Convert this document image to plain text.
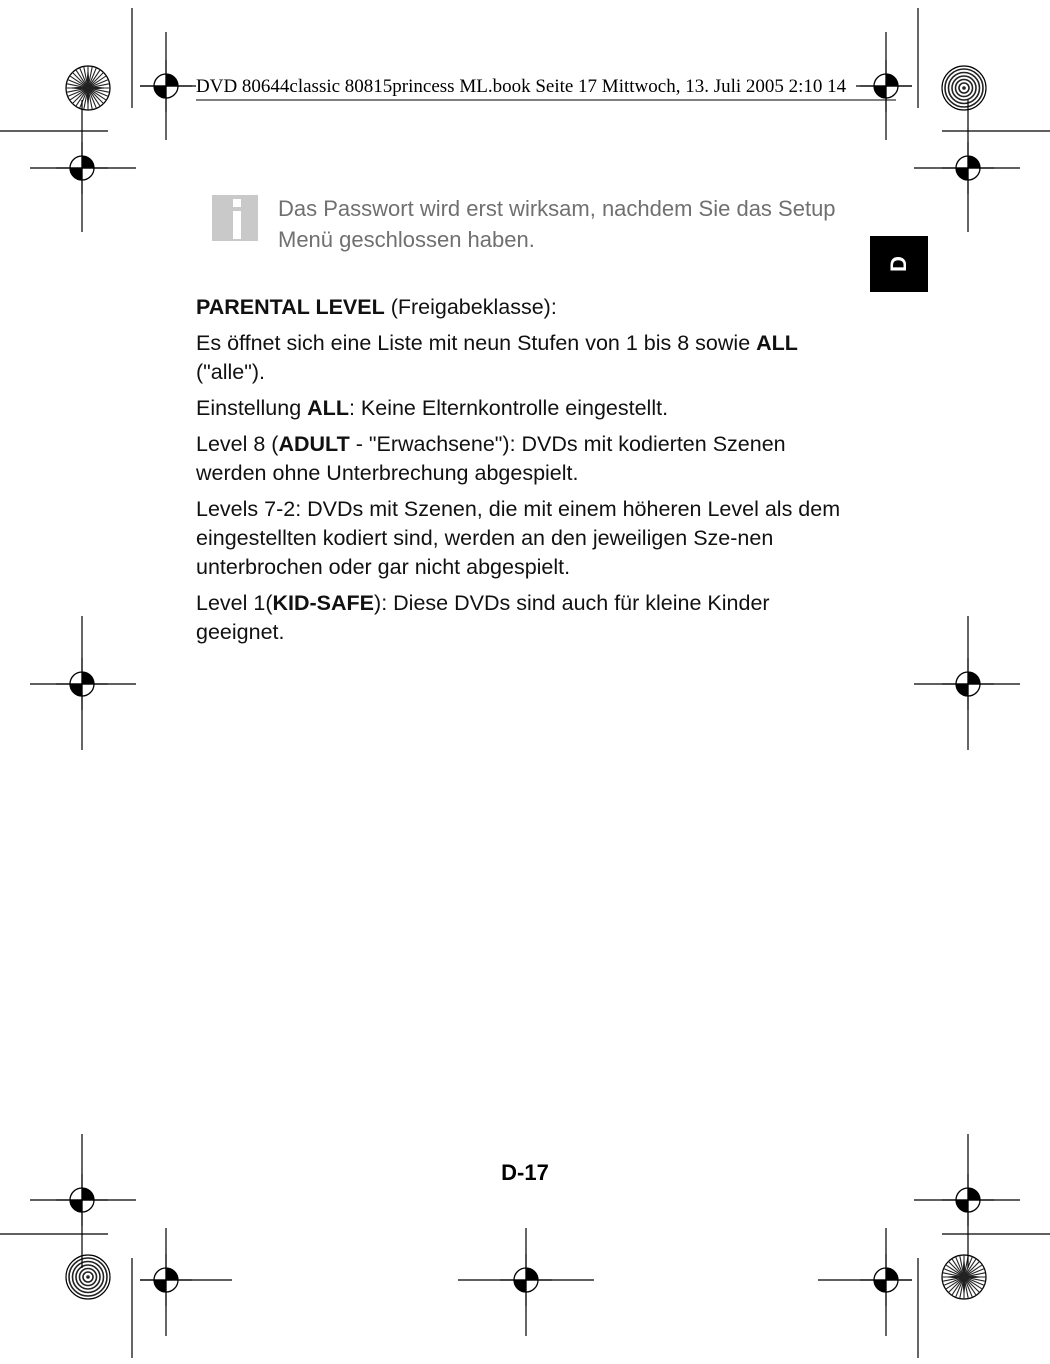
DVD 80644classic 80815princess ML.book Seite 17 Mittwoch, 13. Juli 2005 2:10 14
D
Das Passwort wird erst wirksam, nachdem Sie das Setup Menü geschlossen haben.

PARENTAL LEVEL (Freigabeklasse):

Es öffnet sich eine Liste mit neun Stufen von 1 bis 8 sowie ALL ("alle").

Einstellung ALL: Keine Elternkontrolle eingestellt.

Level 8 (ADULT - "Erwachsene"): DVDs mit kodierten Szenen werden ohne Unterbrechung abgespielt.

Levels 7-2: DVDs mit Szenen, die mit einem höheren Level als dem eingestellten kodiert sind, werden an den jeweiligen Sze-nen unterbrochen oder gar nicht abgespielt.

Level 1(KID-SAFE): Diese DVDs sind auch für kleine Kinder geeignet.

D-17
